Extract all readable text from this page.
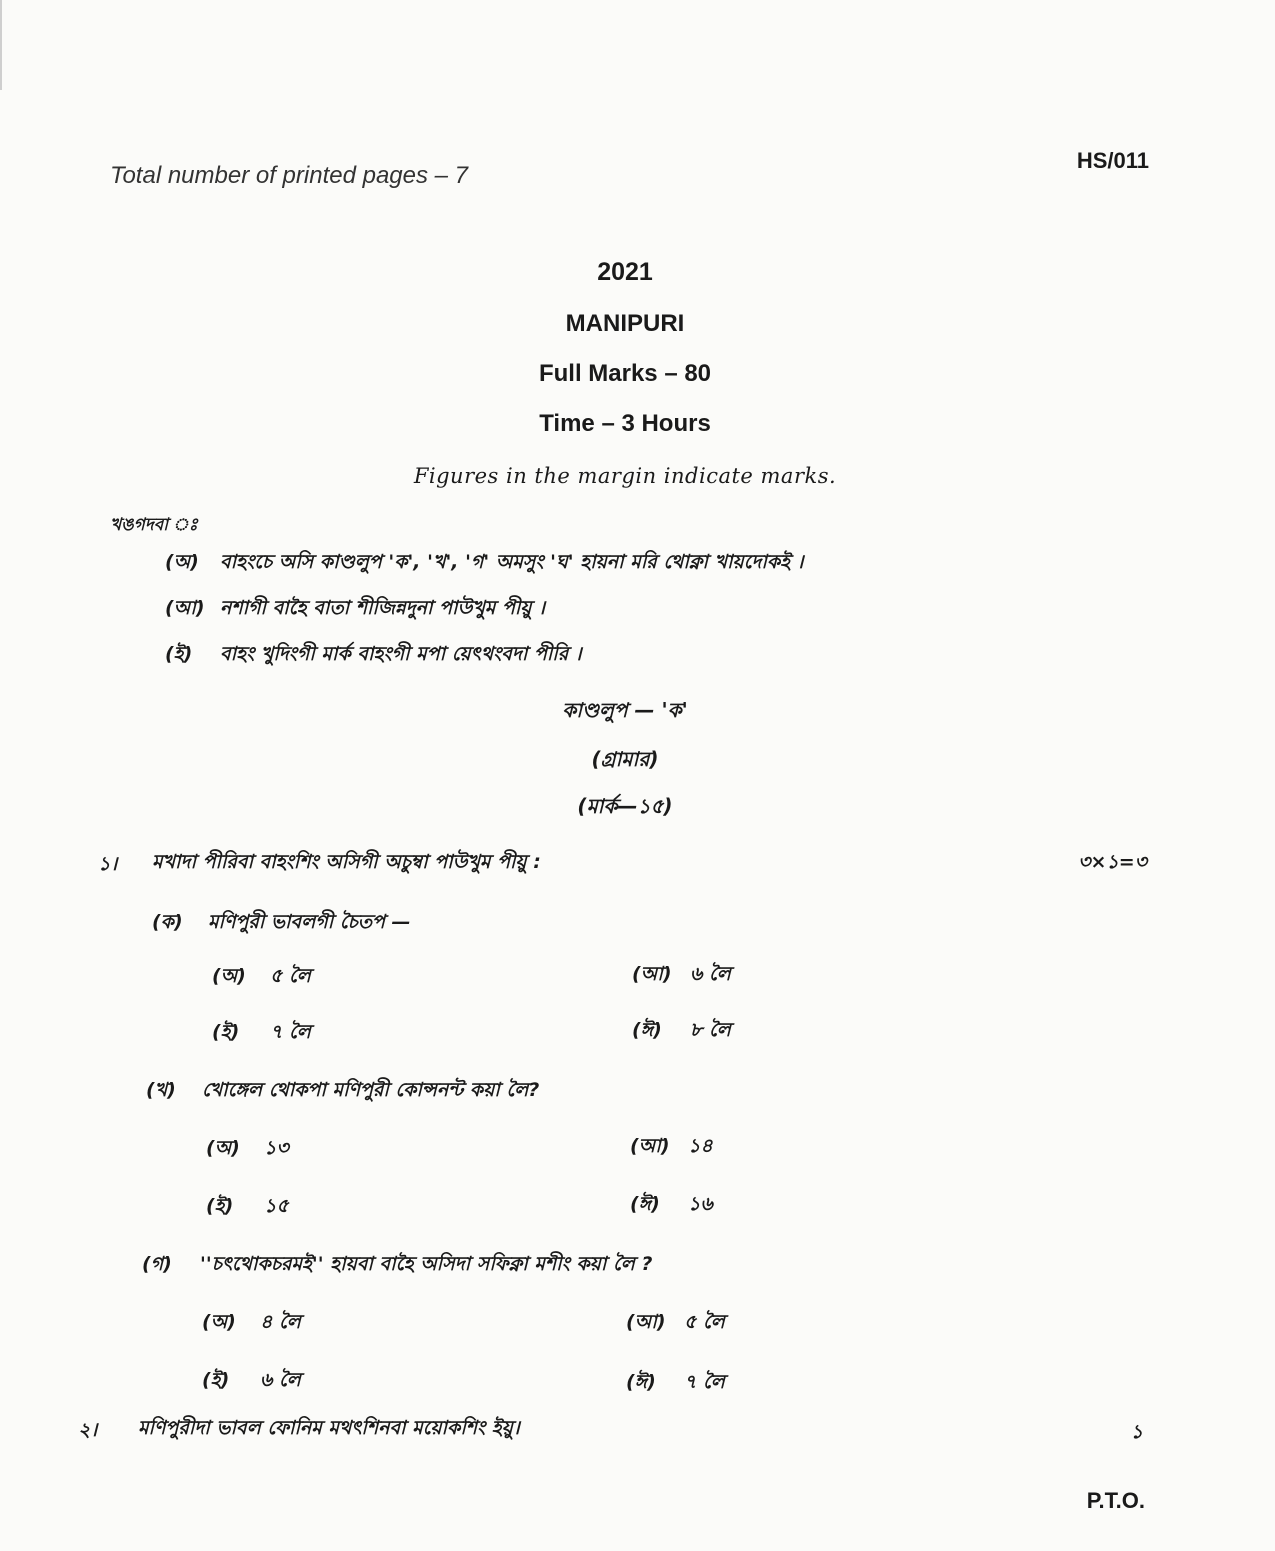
Total number of printed pages – 7
HS/011
2021
MANIPURI
Full Marks – 80
Time – 3 Hours
Figures in the margin indicate marks.
খঙগদবা ঃ
(অ) বাহংচে অসি কাণ্ডলুপ 'ক', 'খ', 'গ' অমসুং 'ঘ' হায়না মরি থোক্না খায়দোকই ।
(আ) নশাগী বাহৈ বাতা শীজিন্নদুনা পাউখুম পীয়ু ।
(ই) বাহং খুদিংগী মার্ক বাহংগী মপা য়েৎথংবদা পীরি ।
কাণ্ডলুপ — 'ক'
(গ্রামার)
(মার্ক—১৫)
১। মখাদা পীরিবা বাহংশিং অসিগী অচুম্বা পাউখুম পীয়ু :	৩×১=৩
(ক) মণিপুরী ভাবলগী চৈতপ —
(অ) ৫ লৈ	(আ) ৬ লৈ
(ই) ৭ লৈ	(ঈ) ৮ লৈ
(খ) খোঙ্গেল থোকপা মণিপুরী কোন্সনন্ট কয়া লৈ?
(অ) ১৩	(আ) ১৪
(ই) ১৫	(ঈ) ১৬
(গ) ''চৎথোকচরমই'' হায়বা বাহৈ অসিদা সফিক্না মশীং কয়া লৈ ?
(অ) ৪ লৈ	(আ) ৫ লৈ
(ই) ৬ লৈ	(ঈ) ৭ লৈ
২। মণিপুরীদা ভাবল ফোনিম মথৎশিনবা ময়োকশিং ইয়ু।	১
P.T.O.
